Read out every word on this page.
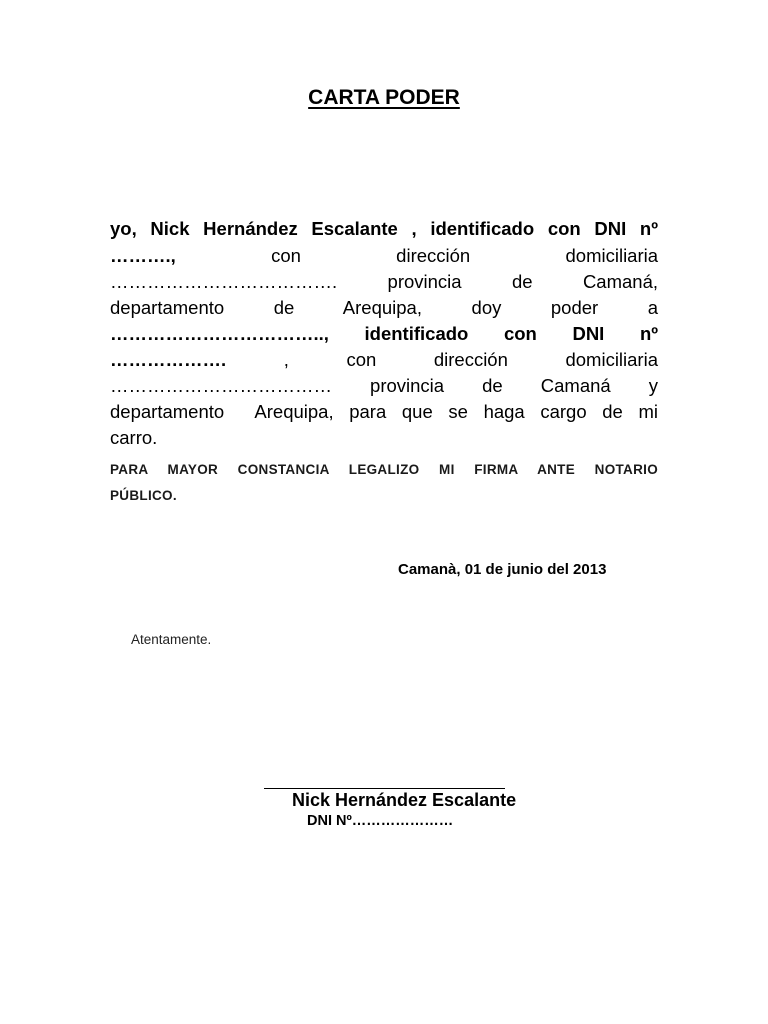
CARTA PODER
yo, Nick Hernández Escalante , identificado con DNI nº
……….,	con	dirección	domiciliaria
……………………………….	provincia	de	Camaná,
departamento	de	Arequipa,	doy	poder	a
…………………………….., identificado con DNI nº
……………….	,	con	dirección	domiciliaria
……………………………… provincia de Camaná y
departamento  Arequipa, para que se haga cargo de mi
carro.
PARA MAYOR CONSTANCIA LEGALIZO MI FIRMA ANTE NOTARIO
PÚBLICO.
Camanà, 01 de junio del 2013
Atentamente.
Nick Hernández Escalante
DNI Nº…………………
